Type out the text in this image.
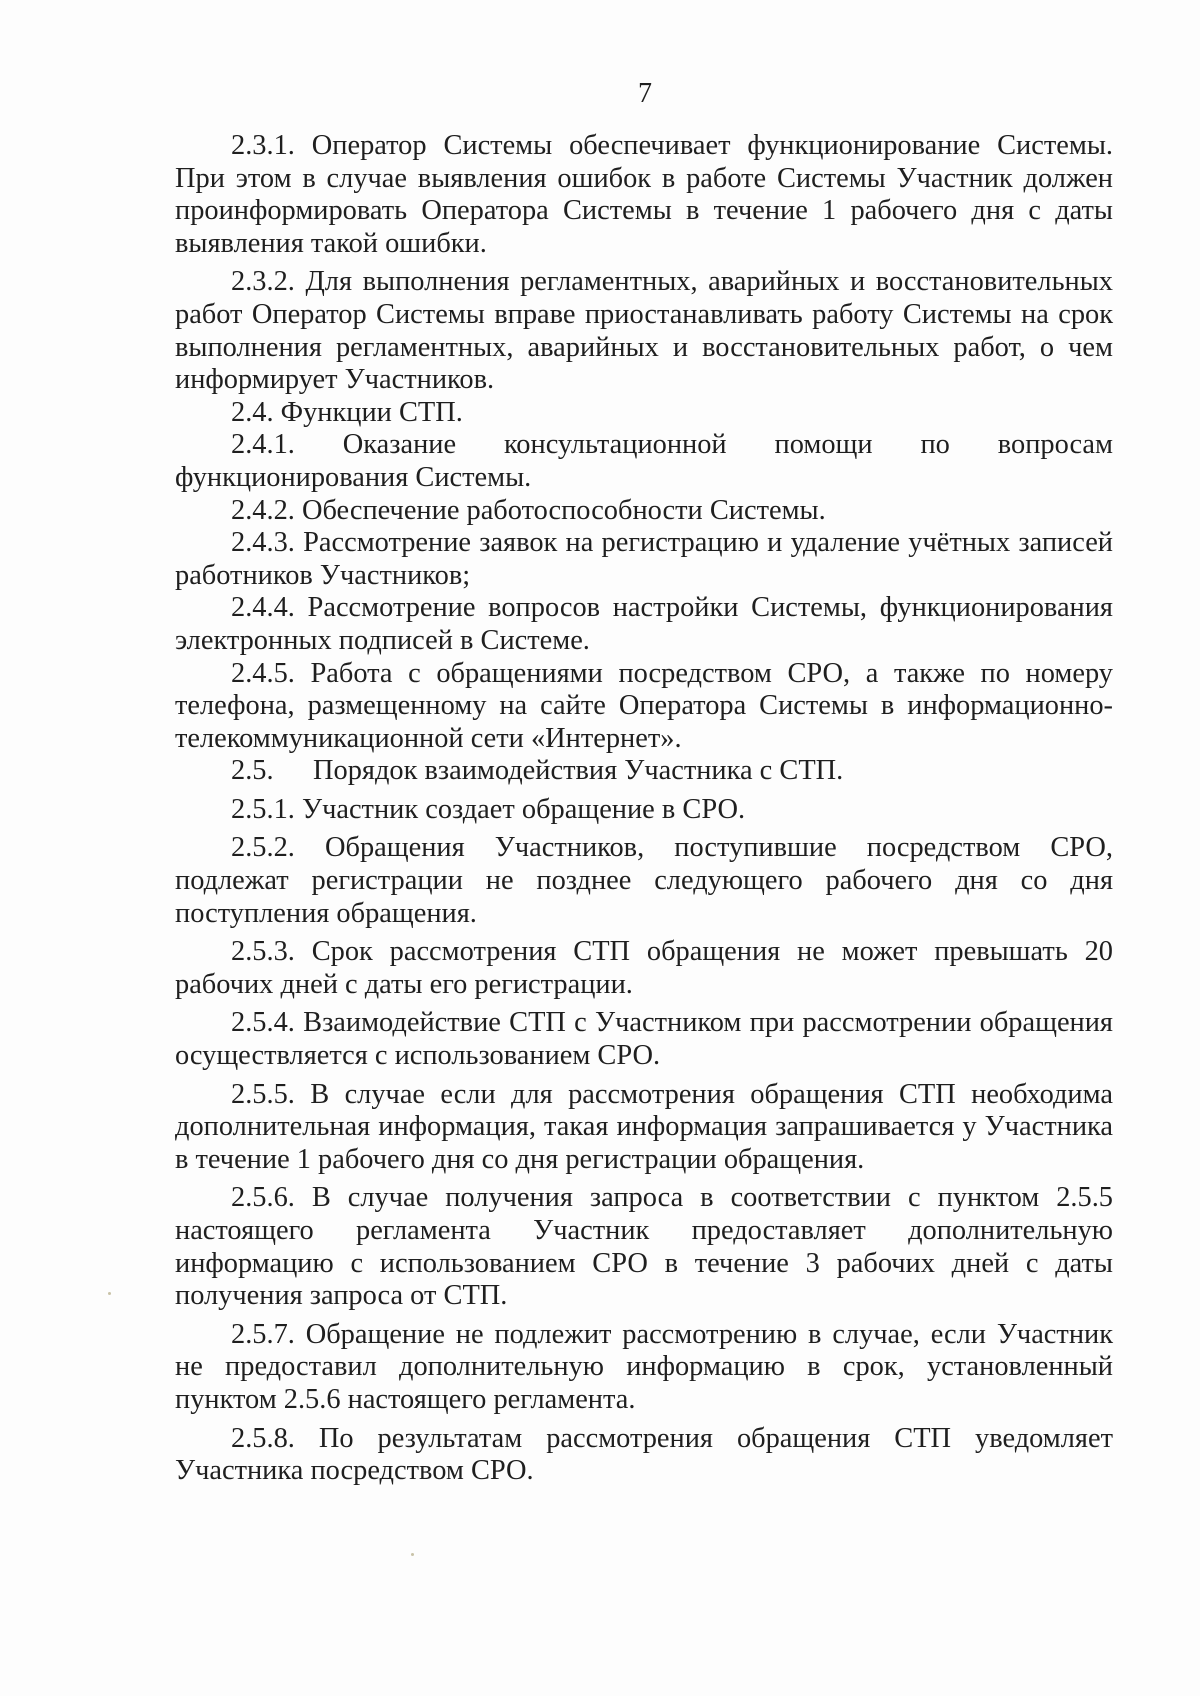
7

2.3.1. Оператор Системы обеспечивает функционирование Системы. При этом в случае выявления ошибок в работе Системы Участник должен проинформировать Оператора Системы в течение 1 рабочего дня с даты выявления такой ошибки.

2.3.2. Для выполнения регламентных, аварийных и восстановительных работ Оператор Системы вправе приостанавливать работу Системы на срок выполнения регламентных, аварийных и восстановительных работ, о чем информирует Участников.

2.4. Функции СТП.

2.4.1. Оказание консультационной помощи по вопросам функционирования Системы.

2.4.2. Обеспечение работоспособности Системы.

2.4.3. Рассмотрение заявок на регистрацию и удаление учётных записей работников Участников;

2.4.4. Рассмотрение вопросов настройки Системы, функционирования электронных подписей в Системе.

2.4.5. Работа с обращениями посредством СРО, а также по номеру телефона, размещенному на сайте Оператора Системы в информационно-телекоммуникационной сети «Интернет».

2.5. Порядок взаимодействия Участника с СТП.

2.5.1. Участник создает обращение в СРО.

2.5.2. Обращения Участников, поступившие посредством СРО, подлежат регистрации не позднее следующего рабочего дня со дня поступления обращения.

2.5.3. Срок рассмотрения СТП обращения не может превышать 20 рабочих дней с даты его регистрации.

2.5.4. Взаимодействие СТП с Участником при рассмотрении обращения осуществляется с использованием СРО.

2.5.5. В случае если для рассмотрения обращения СТП необходима дополнительная информация, такая информация запрашивается у Участника в течение 1 рабочего дня со дня регистрации обращения.

2.5.6. В случае получения запроса в соответствии с пунктом 2.5.5 настоящего регламента Участник предоставляет дополнительную информацию с использованием СРО в течение 3 рабочих дней с даты получения запроса от СТП.

2.5.7. Обращение не подлежит рассмотрению в случае, если Участник не предоставил дополнительную информацию в срок, установленный пунктом 2.5.6 настоящего регламента.

2.5.8. По результатам рассмотрения обращения СТП уведомляет Участника посредством СРО.
